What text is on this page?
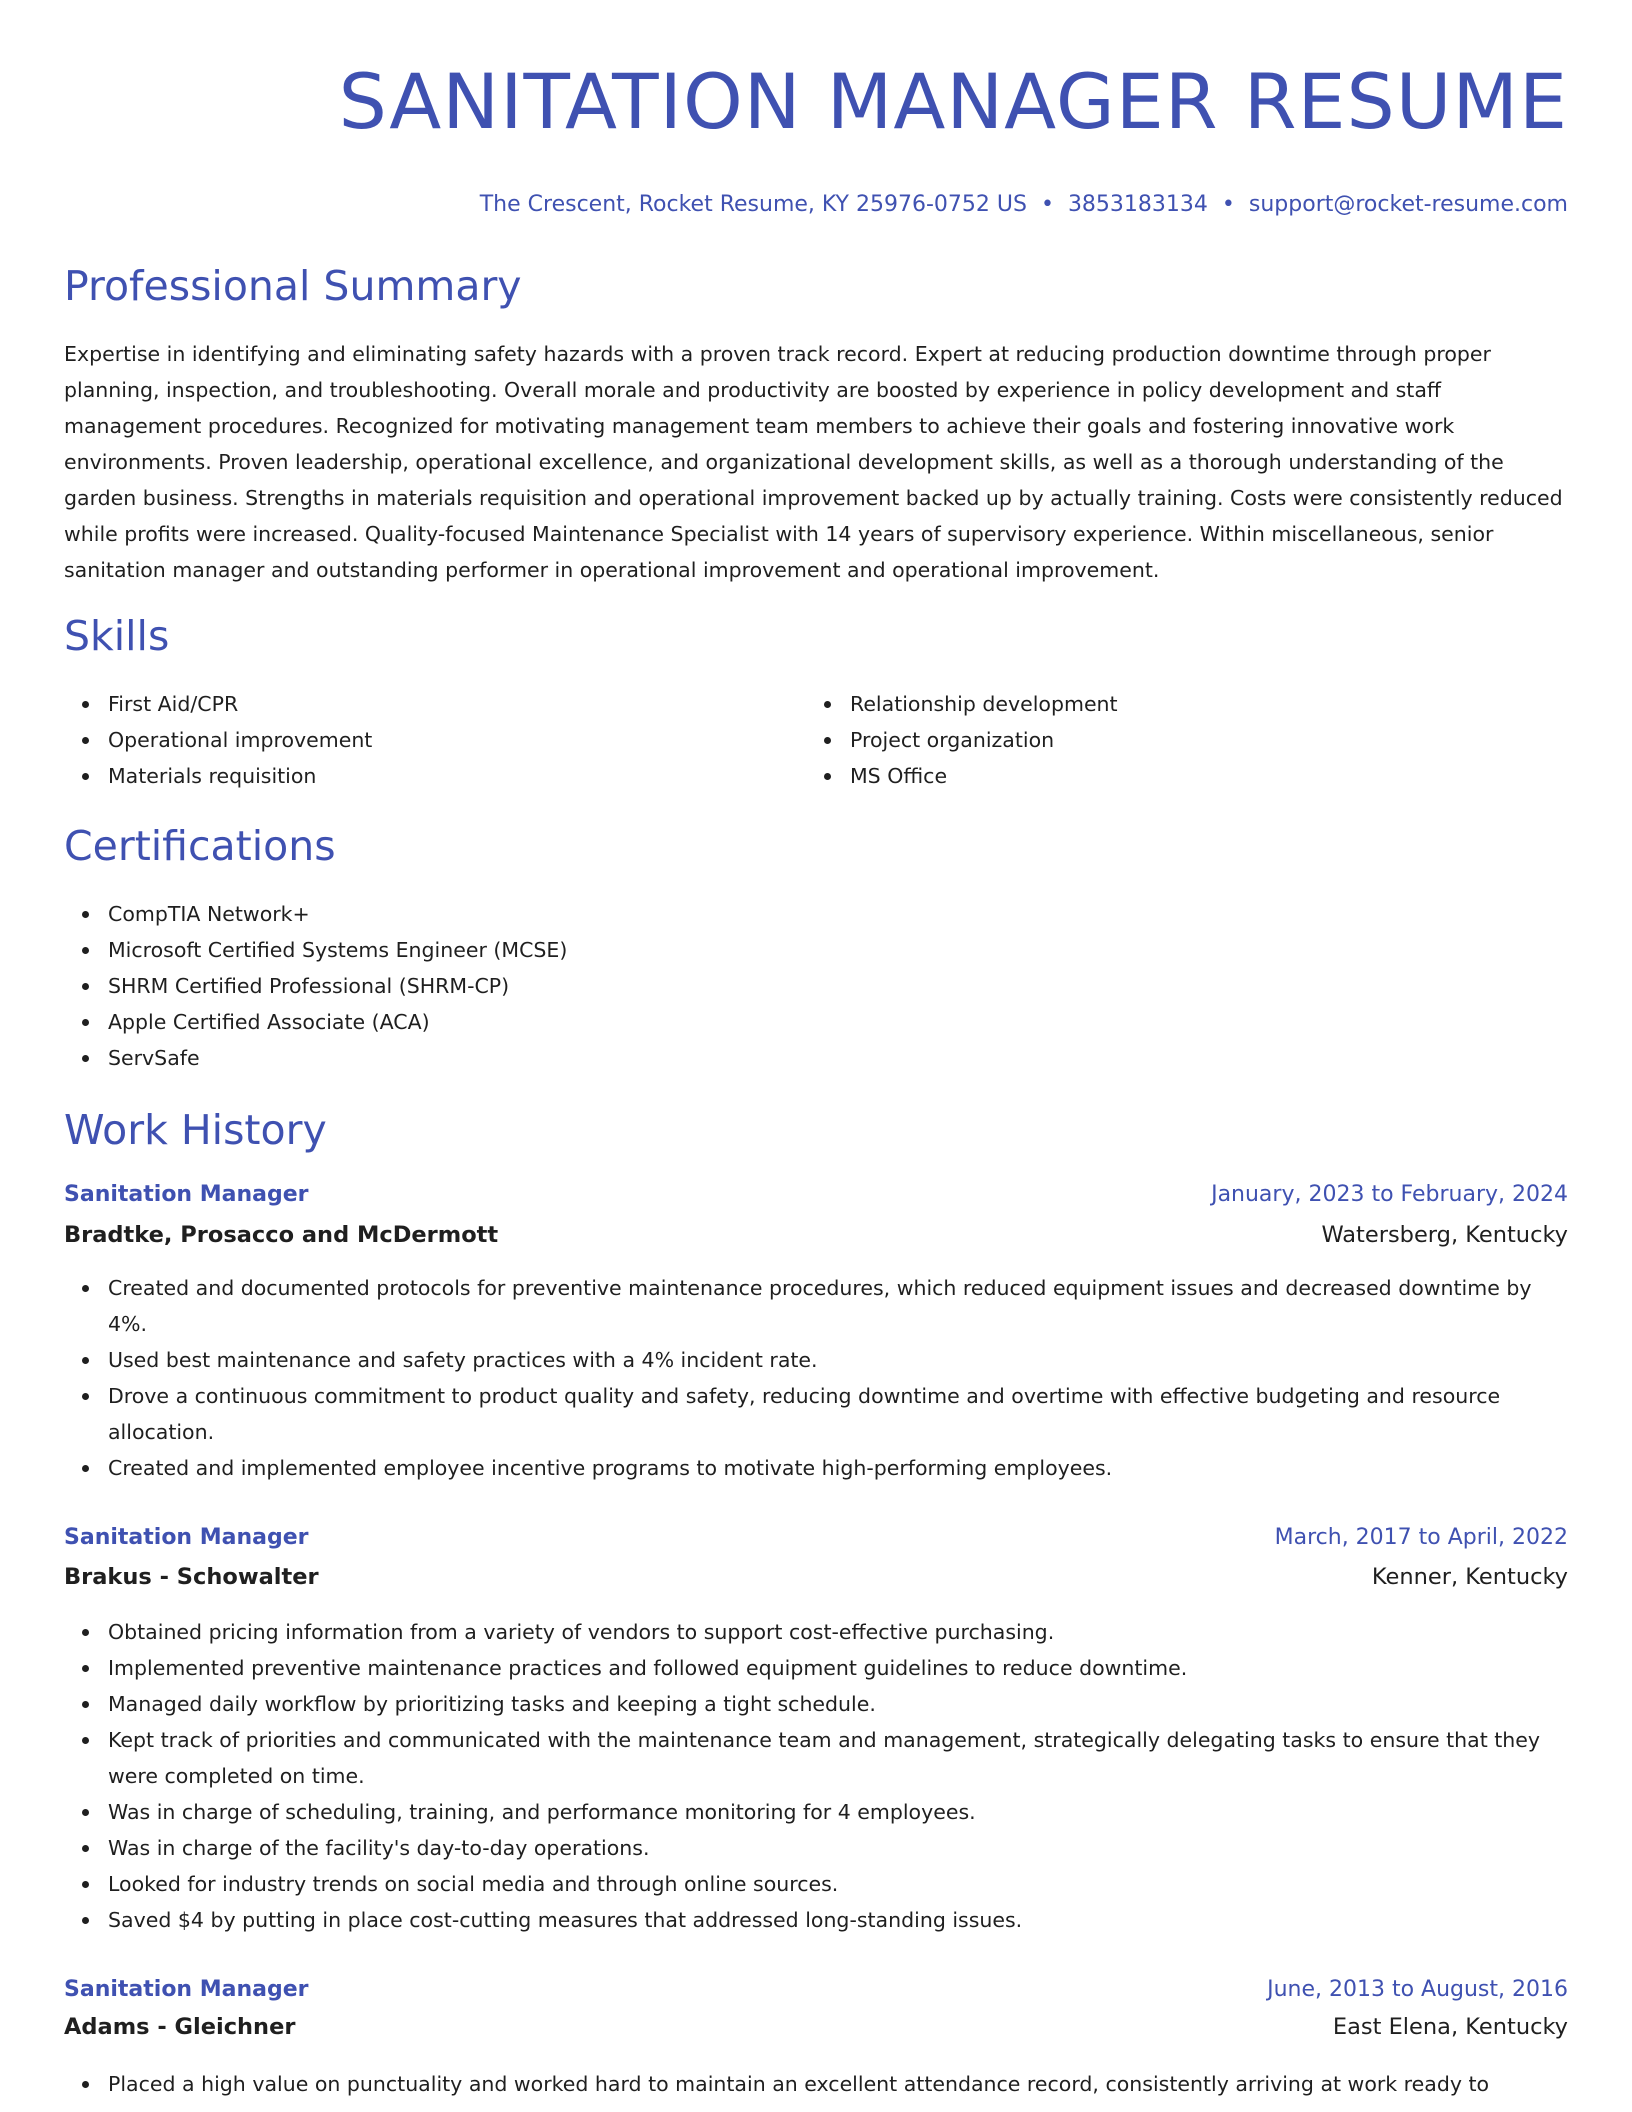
SANITATION MANAGER RESUME
The Crescent, Rocket Resume, KY 25976-0752 US • 3853183134 • support@rocket-resume.com
Professional Summary

Expertise in identifying and eliminating safety hazards with a proven track record. Expert at reducing production downtime through proper planning, inspection, and troubleshooting. Overall morale and productivity are boosted by experience in policy development and staff management procedures. Recognized for motivating management team members to achieve their goals and fostering innovative work environments. Proven leadership, operational excellence, and organizational development skills, as well as a thorough understanding of the garden business. Strengths in materials requisition and operational improvement backed up by actually training. Costs were consistently reduced while profits were increased. Quality-focused Maintenance Specialist with 14 years of supervisory experience. Within miscellaneous, senior sanitation manager and outstanding performer in operational improvement and operational improvement.

Skills
First Aid/CPR
Operational improvement
Materials requisition
Relationship development
Project organization
MS Office
Certifications
CompTIA Network+
Microsoft Certified Systems Engineer (MCSE)
SHRM Certified Professional (SHRM-CP)
Apple Certified Associate (ACA)
ServSafe
Work History
Sanitation Manager	January, 2023 to February, 2024
Bradtke, Prosacco and McDermott	Watersberg, Kentucky
Created and documented protocols for preventive maintenance procedures, which reduced equipment issues and decreased downtime by 4%.
Used best maintenance and safety practices with a 4% incident rate.
Drove a continuous commitment to product quality and safety, reducing downtime and overtime with effective budgeting and resource allocation.
Created and implemented employee incentive programs to motivate high-performing employees.
Sanitation Manager	March, 2017 to April, 2022
Brakus - Schowalter	Kenner, Kentucky
Obtained pricing information from a variety of vendors to support cost-effective purchasing.
Implemented preventive maintenance practices and followed equipment guidelines to reduce downtime.
Managed daily workflow by prioritizing tasks and keeping a tight schedule.
Kept track of priorities and communicated with the maintenance team and management, strategically delegating tasks to ensure that they were completed on time.
Was in charge of scheduling, training, and performance monitoring for 4 employees.
Was in charge of the facility's day-to-day operations.
Looked for industry trends on social media and through online sources.
Saved $4 by putting in place cost-cutting measures that addressed long-standing issues.
Sanitation Manager	June, 2013 to August, 2016
Adams - Gleichner	East Elena, Kentucky
Placed a high value on punctuality and worked hard to maintain an excellent attendance record, consistently arriving at work ready to
